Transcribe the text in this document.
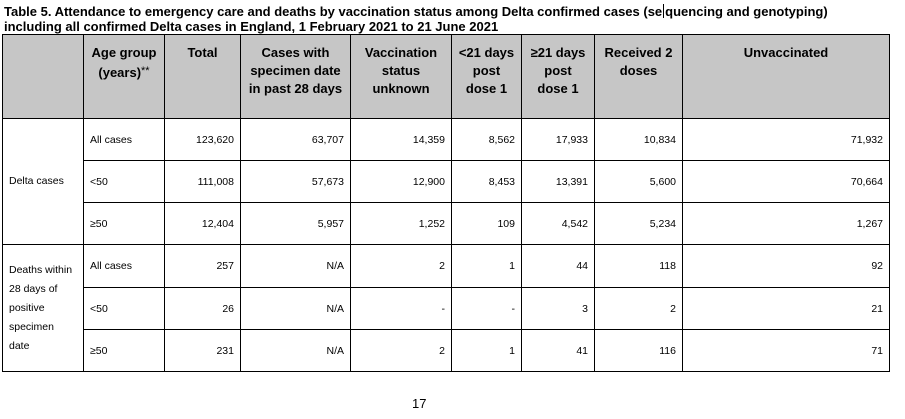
Table 5. Attendance to emergency care and deaths by vaccination status among Delta confirmed cases (se quencing and genotyping) including all confirmed Delta cases in England, 1 February 2021 to 21 June 2021

	Age group (years)**	Total	Cases with specimen date in past 28 days	Vaccination status unknown	<21 days post dose 1	≥21 days post dose 1	Received 2 doses	Unvaccinated
Delta cases	All cases	123,620	63,707	14,359	8,562	17,933	10,834	71,932
	<50	111,008	57,673	12,900	8,453	13,391	5,600	70,664
	≥50	12,404	5,957	1,252	109	4,542	5,234	1,267
Deaths within 28 days of positive specimen date	All cases	257	N/A	2	1	44	118	92
	<50	26	N/A	-	-	3	2	21
	≥50	231	N/A	2	1	41	116	71
17
